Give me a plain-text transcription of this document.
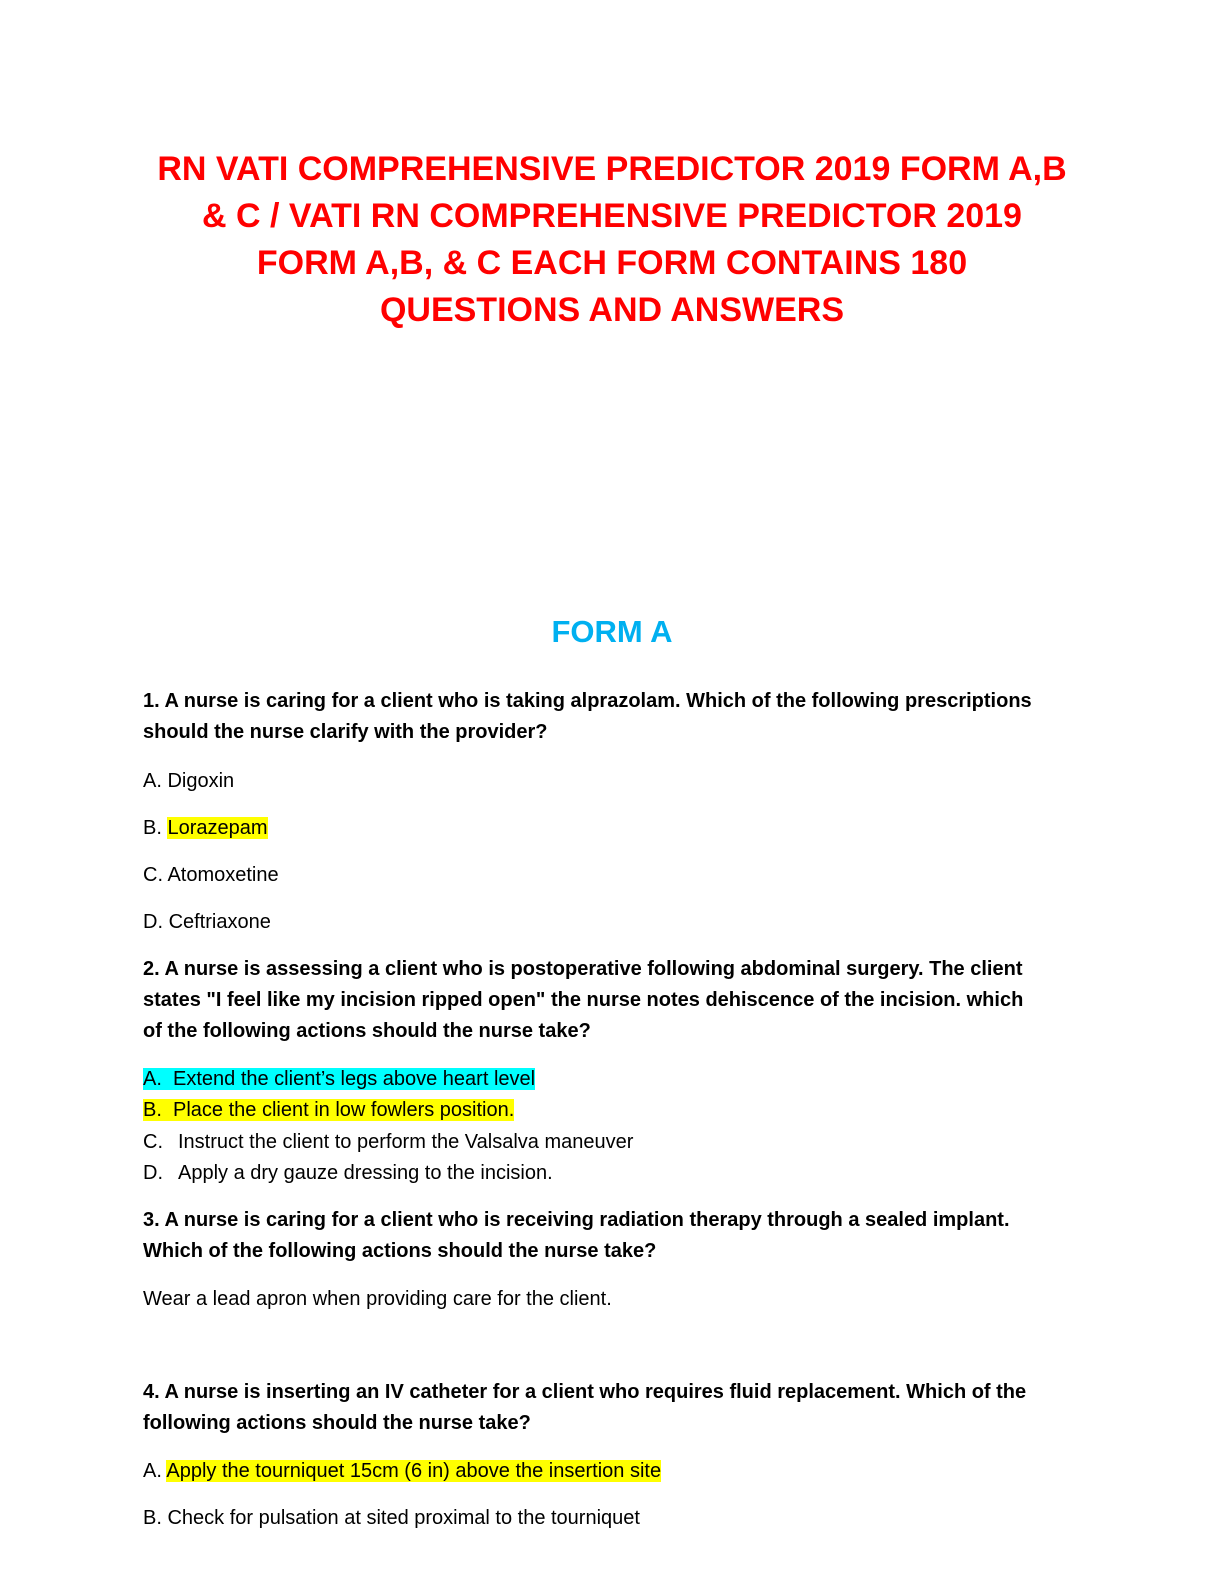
RN VATI COMPREHENSIVE PREDICTOR 2019 FORM A,B
& C / VATI RN COMPREHENSIVE PREDICTOR 2019
FORM A,B, & C EACH FORM CONTAINS 180
QUESTIONS AND ANSWERS
FORM A

1. A nurse is caring for a client who is taking alprazolam. Which of the following prescriptions
should the nurse clarify with the provider?

A. Digoxin

B. Lorazepam

C. Atomoxetine

D. Ceftriaxone

2. A nurse is assessing a client who is postoperative following abdominal surgery. The client
states "I feel like my incision ripped open" the nurse notes dehiscence of the incision. which
of the following actions should the nurse take?

A. Extend the client’s legs above heart level

B. Place the client in low fowlers position.

C. Instruct the client to perform the Valsalva maneuver

D. Apply a dry gauze dressing to the incision.

3. A nurse is caring for a client who is receiving radiation therapy through a sealed implant.
Which of the following actions should the nurse take?

Wear a lead apron when providing care for the client.

4. A nurse is inserting an IV catheter for a client who requires fluid replacement. Which of the
following actions should the nurse take?

A. Apply the tourniquet 15cm (6 in) above the insertion site

B. Check for pulsation at sited proximal to the tourniquet
